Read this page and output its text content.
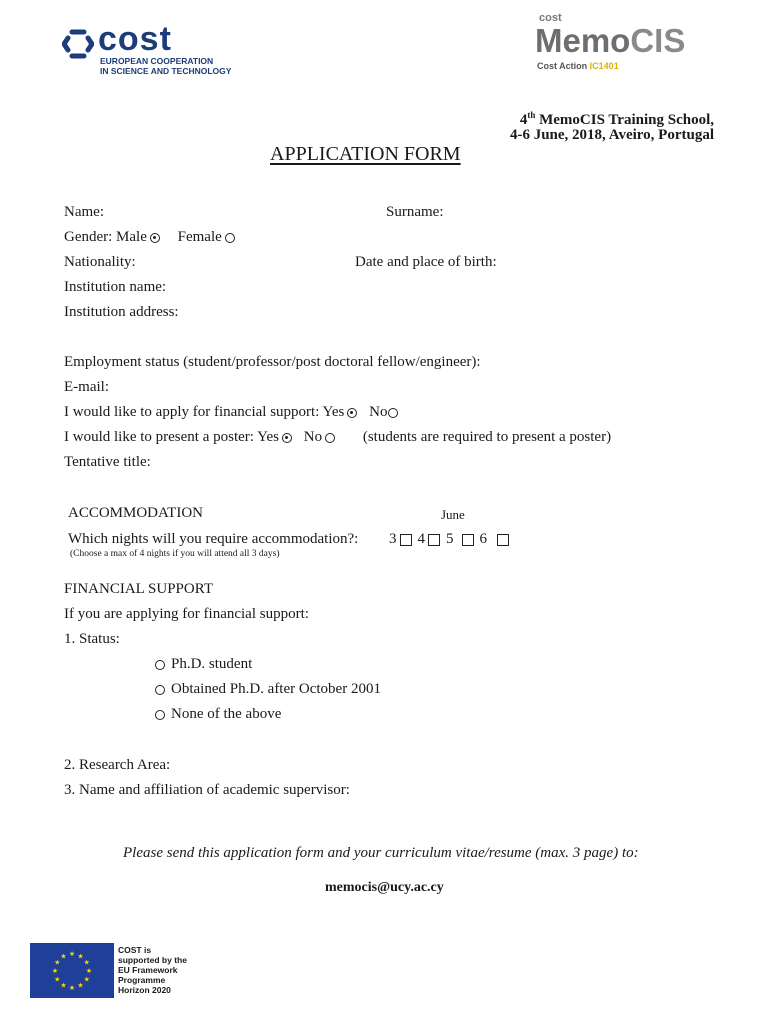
cost
EUROPEAN COOPERATION
IN SCIENCE AND TECHNOLOGY
cost
MemoCIS
Cost Action IC1401
4th MemoCIS Training School,
4-6 June, 2018, Aveiro, Portugal
APPLICATION FORM
Name:	Surname:
Gender: Male Female
Nationality:	Date and place of birth:
Institution name:
Institution address:
Employment status (student/professor/post doctoral fellow/engineer):
E-mail:
I would like to apply for financial support: Yes No
I would like to present a poster: Yes No	(students are required to present a poster)
Tentative title:
ACCOMMODATION	June
Which nights will you require accommodation?: 3 4 5 6
(Choose a max of 4 nights if you will attend all 3 days)
FINANCIAL SUPPORT
If you are applying for financial support:
1. Status:
Ph.D. student
Obtained Ph.D. after October 2001
None of the above
2. Research Area:
3. Name and affiliation of academic supervisor:
Please send this application form and your curriculum vitae/resume (max. 3 page) to:
memocis@ucy.ac.cy
★
★
★
★
★
★
★
★
★ ★ ★
★
COST is
supported by the
EU Framework
Programme
Horizon 2020
